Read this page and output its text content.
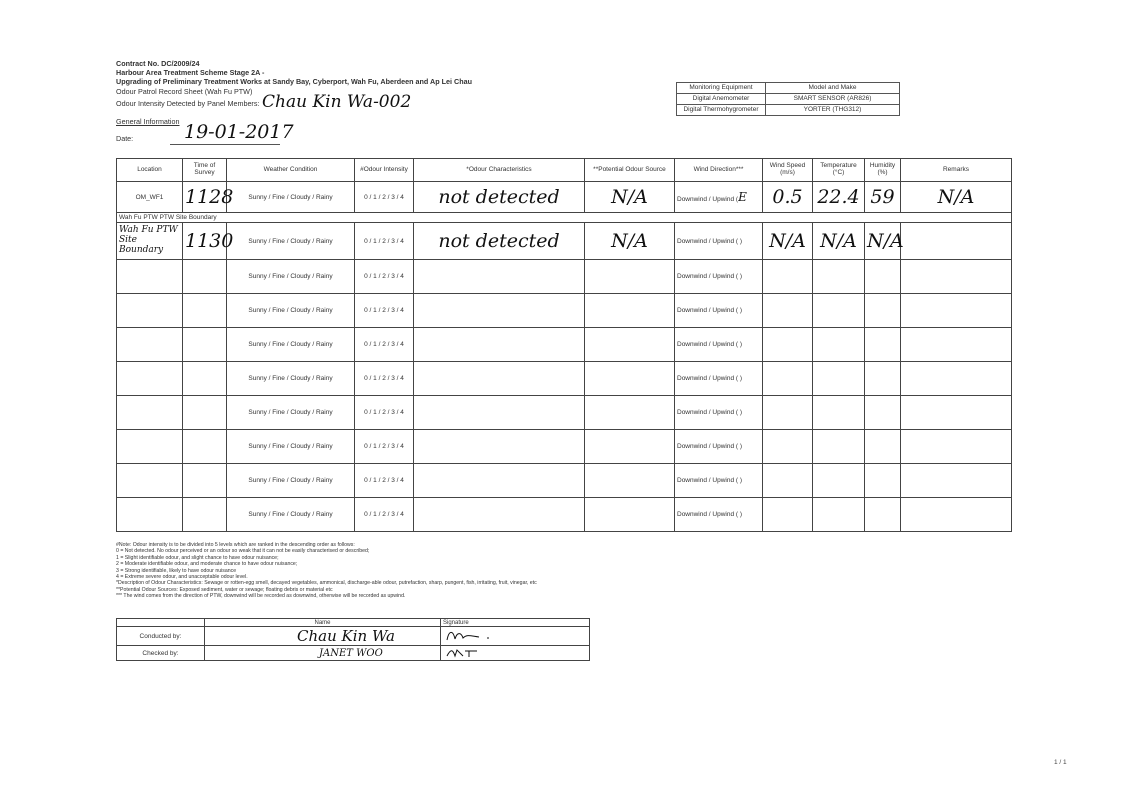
Contract No. DC/2009/24
Harbour Area Treatment Scheme Stage 2A -
Upgrading of Preliminary Treatment Works at Sandy Bay, Cyberport, Wah Fu, Aberdeen and Ap Lei Chau
Odour Patrol Record Sheet (Wah Fu PTW)
Odour Intensity Detected by Panel Members: Chau Kin Wa-002
General Information
Date:	19-01-2017
Monitoring Equipment	Model and Make
Digital Anemometer	SMART SENSOR (AR826)
Digital Thermohygrometer	YORTER (THG312)
Location	Time of Survey	Weather Condition	#Odour Intensity	*Odour Characteristics	**Potential Odour Source	Wind Direction***	Wind Speed (m/s)	Temperature (°C)	Humidity (%)	Remarks
OM_WF1	1128	Sunny / Fine / Cloudy / Rainy	0 / 1 / 2 / 3 / 4	not detected	N/A	Downwind / Upwind (E	0.5	22.4	59	N/A
Wah Fu PTW PTW Site Boundary										
Wah Fu PTW Site Boundary	1130	Sunny / Fine / Cloudy / Rainy	0 / 1 / 2 / 3 / 4	not detected	N/A	Downwind / Upwind ( )	N/A	N/A	N/A	
		Sunny / Fine / Cloudy / Rainy	0 / 1 / 2 / 3 / 4			Downwind / Upwind ( )				
		Sunny / Fine / Cloudy / Rainy	0 / 1 / 2 / 3 / 4			Downwind / Upwind ( )				
		Sunny / Fine / Cloudy / Rainy	0 / 1 / 2 / 3 / 4			Downwind / Upwind ( )				
		Sunny / Fine / Cloudy / Rainy	0 / 1 / 2 / 3 / 4			Downwind / Upwind ( )				
		Sunny / Fine / Cloudy / Rainy	0 / 1 / 2 / 3 / 4			Downwind / Upwind ( )				
		Sunny / Fine / Cloudy / Rainy	0 / 1 / 2 / 3 / 4			Downwind / Upwind ( )				
		Sunny / Fine / Cloudy / Rainy	0 / 1 / 2 / 3 / 4			Downwind / Upwind ( )				
		Sunny / Fine / Cloudy / Rainy	0 / 1 / 2 / 3 / 4			Downwind / Upwind ( )				
#Note: Odour intensity is to be divided into 5 levels which are ranked in the descending order as follows:
0 = Not detected. No odour perceived or an odour so weak that it can not be easily characterised or described;
1 = Slight identifiable odour, and slight chance to have odour nuisance;
2 = Moderate identifiable odour, and moderate chance to have odour nuisance;
3 = Strong identifiable, likely to have odour nuisance
4 = Extreme severe odour, and unacceptable odour level.
*Description of Odour Characteristics: Sewage or rotten-egg smell, decayed vegetables, ammonical, discharge-able odour, putrefaction, sharp, pungent, fish, irritating, fruit, vinegar, etc
**Potential Odour Sources: Exposed sediment, water or sewage; floating debris or material etc
*** The wind comes from the direction of PTW, downwind will be recorded as downwind, otherwise will be recorded as upwind.
	Name	Signature
Conducted by:	Chau Kin Wa	
Checked by:	JANET WOO	
1 / 1
